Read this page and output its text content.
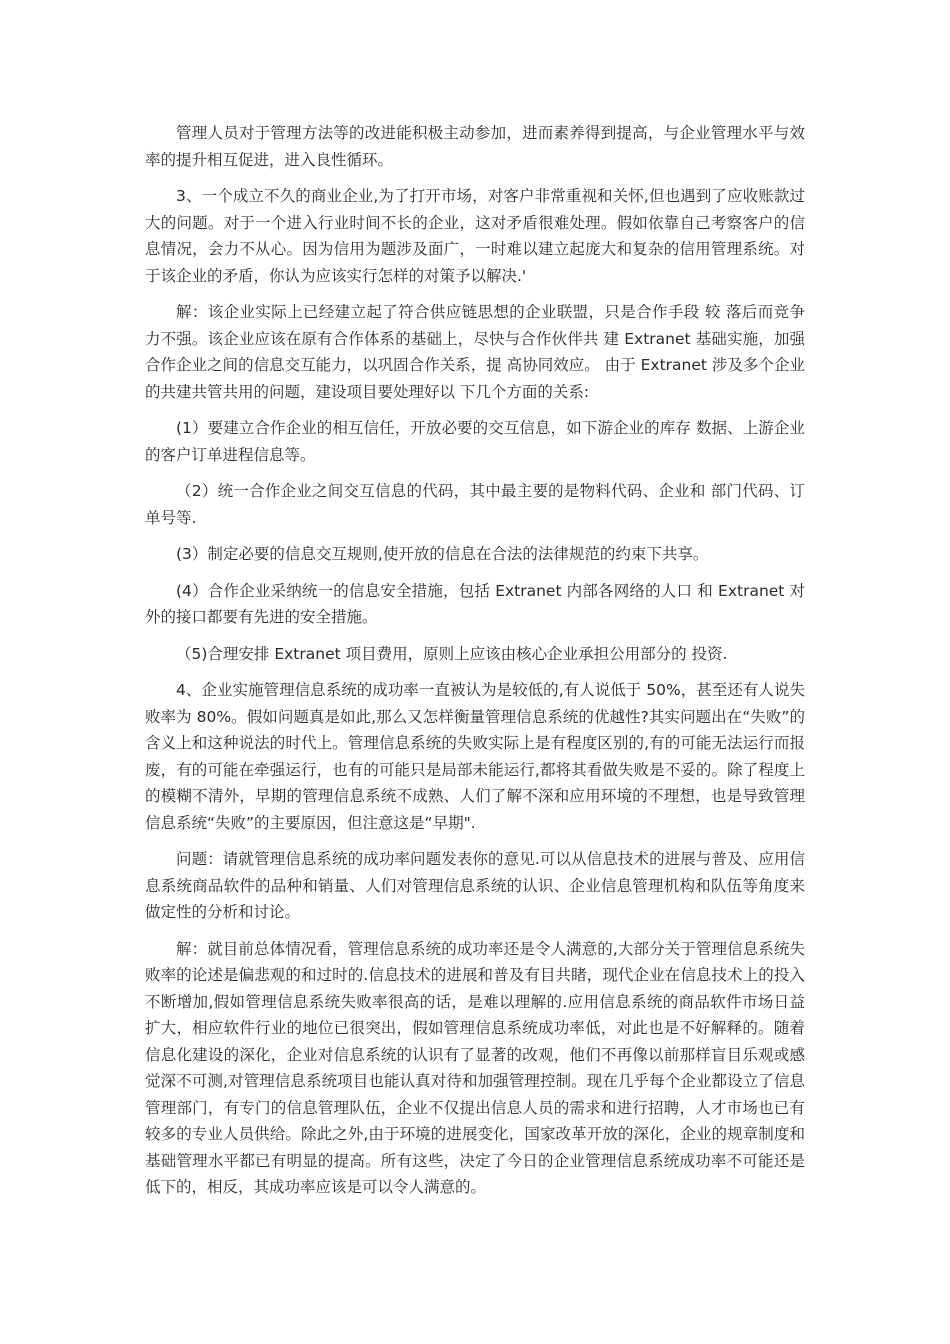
管理人员对于管理方法等的改进能积极主动参加，进而素养得到提高，与企业管理水平与效率的提升相互促进，进入良性循环。

3、一个成立不久的商业企业,为了打开市场，对客户非常重视和关怀,但也遇到了应收账款过大的问题。对于一个进入行业时间不长的企业，这对矛盾很难处理。假如依靠自己考察客户的信息情况，会力不从心。因为信用为题涉及面广，一时难以建立起庞大和复杂的信用管理系统。对于该企业的矛盾，你认为应该实行怎样的对策予以解决.'

解：该企业实际上已经建立起了符合供应链思想的企业联盟，只是合作手段 较 落后而竞争力不强。该企业应该在原有合作体系的基础上，尽快与合作伙伴共 建 Extranet 基础实施，加强合作企业之间的信息交互能力，以巩固合作关系，提 高协同效应。 由于 Extranet 涉及多个企业的共建共管共用的问题，建设项目要处理好以 下几个方面的关系:

(1）要建立合作企业的相互信任，开放必要的交互信息，如下游企业的库存 数据、上游企业的客户订单进程信息等。

（2）统一合作企业之间交互信息的代码，其中最主要的是物料代码、企业和 部门代码、订单号等.

(3）制定必要的信息交互规则,使开放的信息在合法的法律规范的约束下共享。

(4）合作企业采纳统一的信息安全措施，包括 Extranet 内部各网络的人口 和 Extranet 对外的接口都要有先进的安全措施。

（5)合理安排 Extranet 项目费用，原则上应该由核心企业承担公用部分的 投资.

4、企业实施管理信息系统的成功率一直被认为是较低的,有人说低于 50%，甚至还有人说失败率为 80%。假如问题真是如此,那么又怎样衡量管理信息系统的优越性?其实问题出在“失败”的含义上和这种说法的时代上。管理信息系统的失败实际上是有程度区别的,有的可能无法运行而报废，有的可能在牵强运行，也有的可能只是局部未能运行,都将其看做失败是不妥的。除了程度上的模糊不清外，早期的管理信息系统不成熟、人们了解不深和应用环境的不理想，也是导致管理信息系统“失败”的主要原因，但注意这是“早期".

问题：请就管理信息系统的成功率问题发表你的意见.可以从信息技术的进展与普及、应用信息系统商品软件的品种和销量、人们对管理信息系统的认识、企业信息管理机构和队伍等角度来做定性的分析和讨论。

解：就目前总体情况看，管理信息系统的成功率还是令人满意的,大部分关于管理信息系统失败率的论述是偏悲观的和过时的.信息技术的进展和普及有目共睹，现代企业在信息技术上的投入不断增加,假如管理信息系统失败率很高的话，是难以理解的.应用信息系统的商品软件市场日益扩大，相应软件行业的地位已很突出，假如管理信息系统成功率低，对此也是不好解释的。随着信息化建设的深化，企业对信息系统的认识有了显著的改观，他们不再像以前那样盲目乐观或感觉深不可测,对管理信息系统项目也能认真对待和加强管理控制。现在几乎每个企业都设立了信息管理部门，有专门的信息管理队伍，企业不仅提出信息人员的需求和进行招聘，人才市场也已有较多的专业人员供给。除此之外,由于环境的进展变化，国家改革开放的深化，企业的规章制度和基础管理水平都已有明显的提高。所有这些，决定了今日的企业管理信息系统成功率不可能还是低下的，相反，其成功率应该是可以令人满意的。
